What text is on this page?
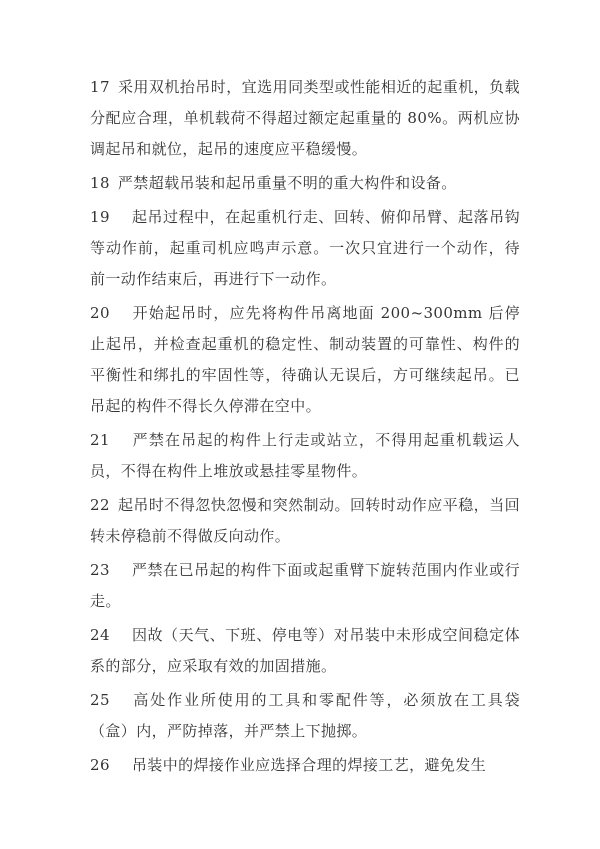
17 采用双机抬吊时，宜选用同类型或性能相近的起重机，负载分配应合理，单机载荷不得超过额定起重量的 80%。两机应协调起吊和就位，起吊的速度应平稳缓慢。

18 严禁超载吊装和起吊重量不明的重大构件和设备。

19 起吊过程中，在起重机行走、回转、俯仰吊臂、起落吊钩等动作前，起重司机应鸣声示意。一次只宜进行一个动作，待前一动作结束后，再进行下一动作。

20 开始起吊时，应先将构件吊离地面 200~300mm 后停止起吊，并检查起重机的稳定性、制动装置的可靠性、构件的平衡性和绑扎的牢固性等，待确认无误后，方可继续起吊。已吊起的构件不得长久停滞在空中。

21 严禁在吊起的构件上行走或站立，不得用起重机载运人员，不得在构件上堆放或悬挂零星物件。

22 起吊时不得忽快忽慢和突然制动。回转时动作应平稳，当回转未停稳前不得做反向动作。

23 严禁在已吊起的构件下面或起重臂下旋转范围内作业或行走。

24 因故（天气、下班、停电等）对吊装中未形成空间稳定体系的部分，应采取有效的加固措施。

25 高处作业所使用的工具和零配件等，必须放在工具袋（盒）内，严防掉落，并严禁上下抛掷。

26 吊装中的焊接作业应选择合理的焊接工艺，避免发生
